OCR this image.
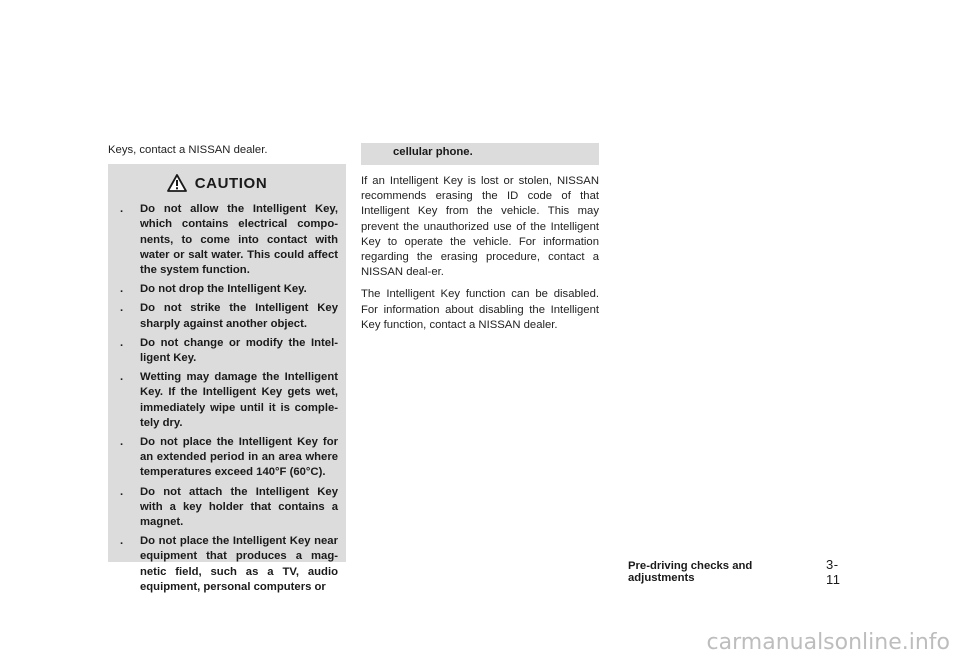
Keys, contact a NISSAN dealer.

CAUTION
.	Do not allow the Intelligent Key, which contains electrical compo-nents, to come into contact with water or salt water. This could affect the system function.
.	Do not drop the Intelligent Key.
.	Do not strike the Intelligent Key sharply against another object.
.	Do not change or modify the Intel-ligent Key.
.	Wetting may damage the Intelligent Key. If the Intelligent Key gets wet, immediately wipe until it is comple-tely dry.
.	Do not place the Intelligent Key for an extended period in an area where temperatures exceed 140°F (60°C).
.	Do not attach the Intelligent Key with a key holder that contains a magnet.
.	Do not place the Intelligent Key near equipment that produces a mag-netic field, such as a TV, audio equipment, personal computers or
cellular phone.

If an Intelligent Key is lost or stolen, NISSAN recommends erasing the ID code of that Intelligent Key from the vehicle. This may prevent the unauthorized use of the Intelligent Key to operate the vehicle. For information regarding the erasing procedure, contact a NISSAN deal-er.

The Intelligent Key function can be disabled. For information about disabling the Intelligent Key function, contact a NISSAN dealer.

Pre-driving checks and adjustments
3-11
carmanualsonline.info
